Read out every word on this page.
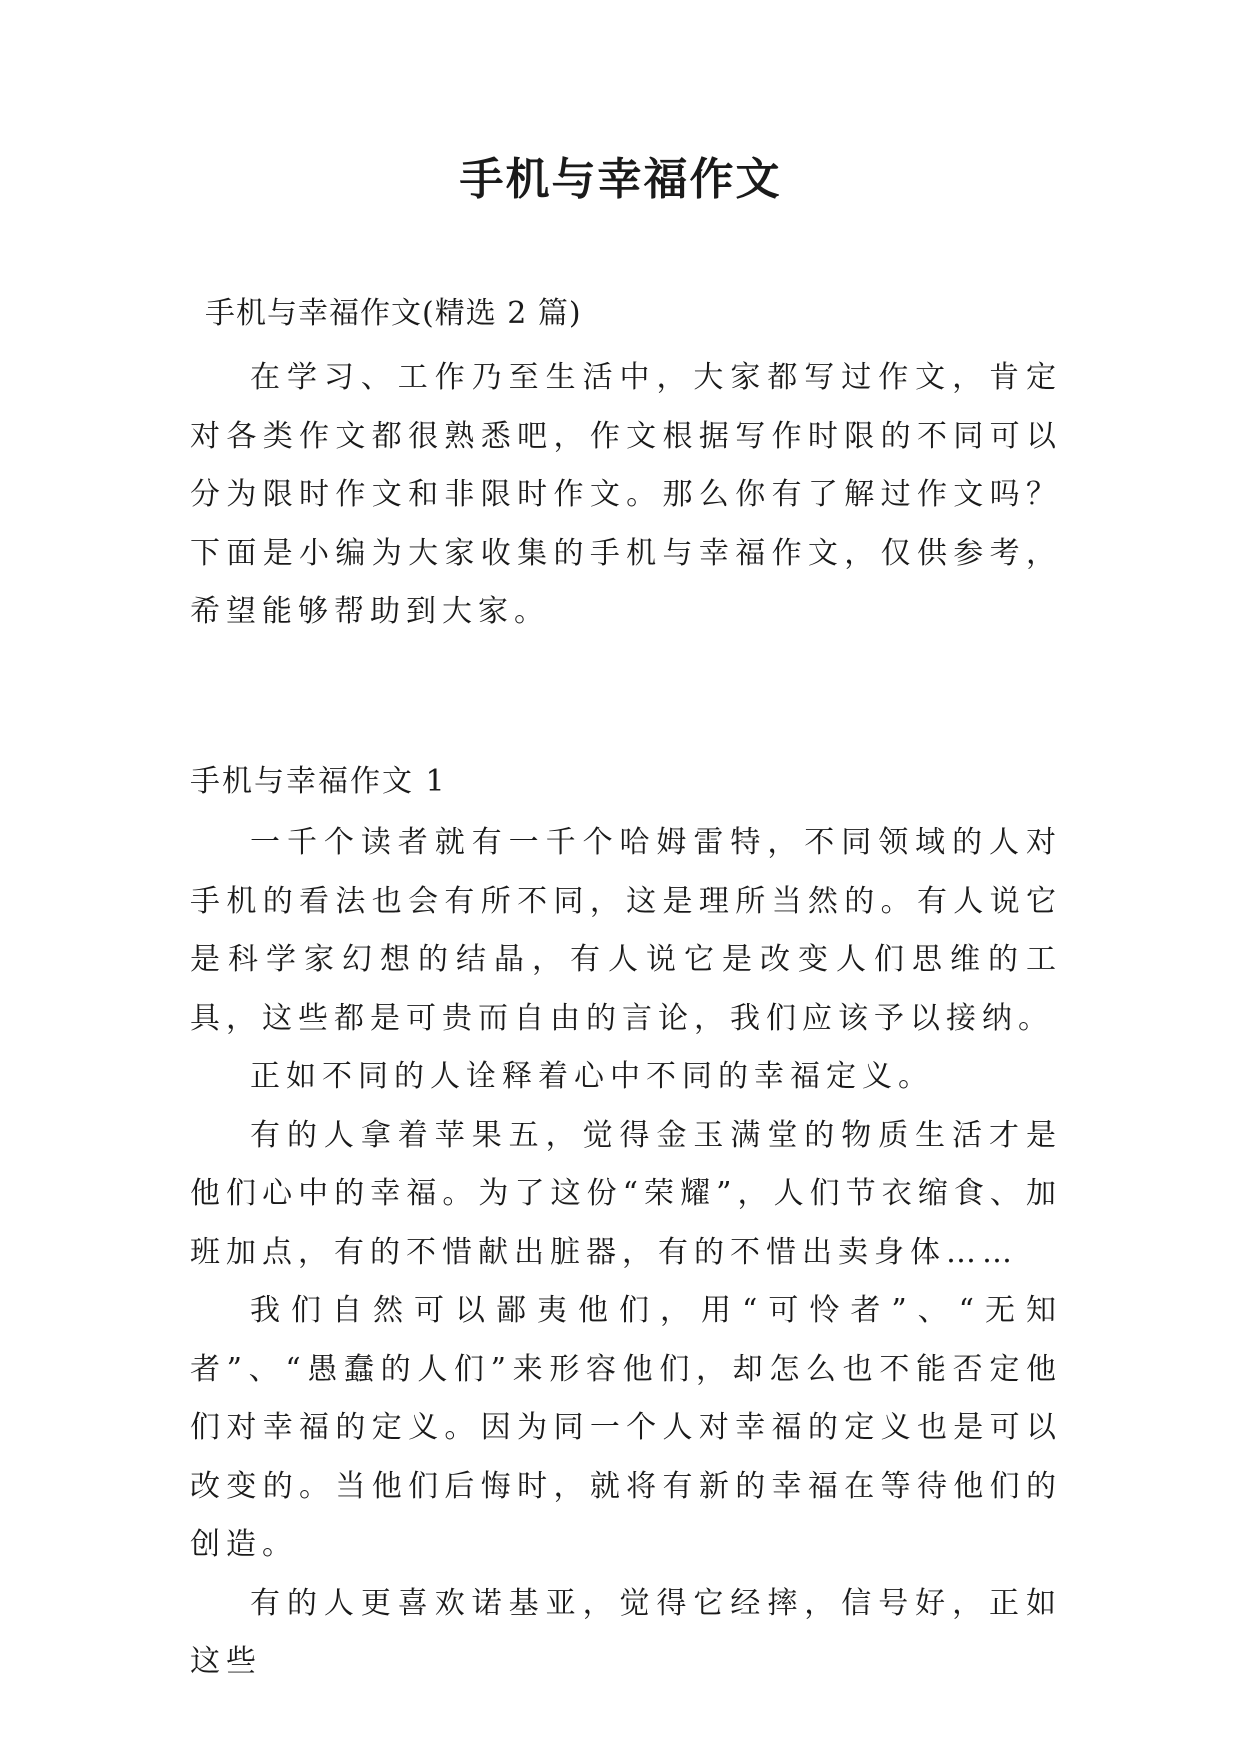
手机与幸福作文
手机与幸福作文(精选 2 篇)

在学习、工作乃至生活中，大家都写过作文，肯定对各类作文都很熟悉吧，作文根据写作时限的不同可以分为限时作文和非限时作文。那么你有了解过作文吗？下面是小编为大家收集的手机与幸福作文，仅供参考，希望能够帮助到大家。

手机与幸福作文 1

一千个读者就有一千个哈姆雷特，不同领域的人对手机的看法也会有所不同，这是理所当然的。有人说它是科学家幻想的结晶，有人说它是改变人们思维的工具，这些都是可贵而自由的言论，我们应该予以接纳。

正如不同的人诠释着心中不同的幸福定义。

有的人拿着苹果五，觉得金玉满堂的物质生活才是他们心中的幸福。为了这份“荣耀”，人们节衣缩食、加班加点，有的不惜献出脏器，有的不惜出卖身体……

我们自然可以鄙夷他们，用“可怜者”、“无知者”、“愚蠢的人们”来形容他们，却怎么也不能否定他们对幸福的定义。因为同一个人对幸福的定义也是可以改变的。当他们后悔时，就将有新的幸福在等待他们的创造。

有的人更喜欢诺基亚，觉得它经摔，信号好，正如这些
